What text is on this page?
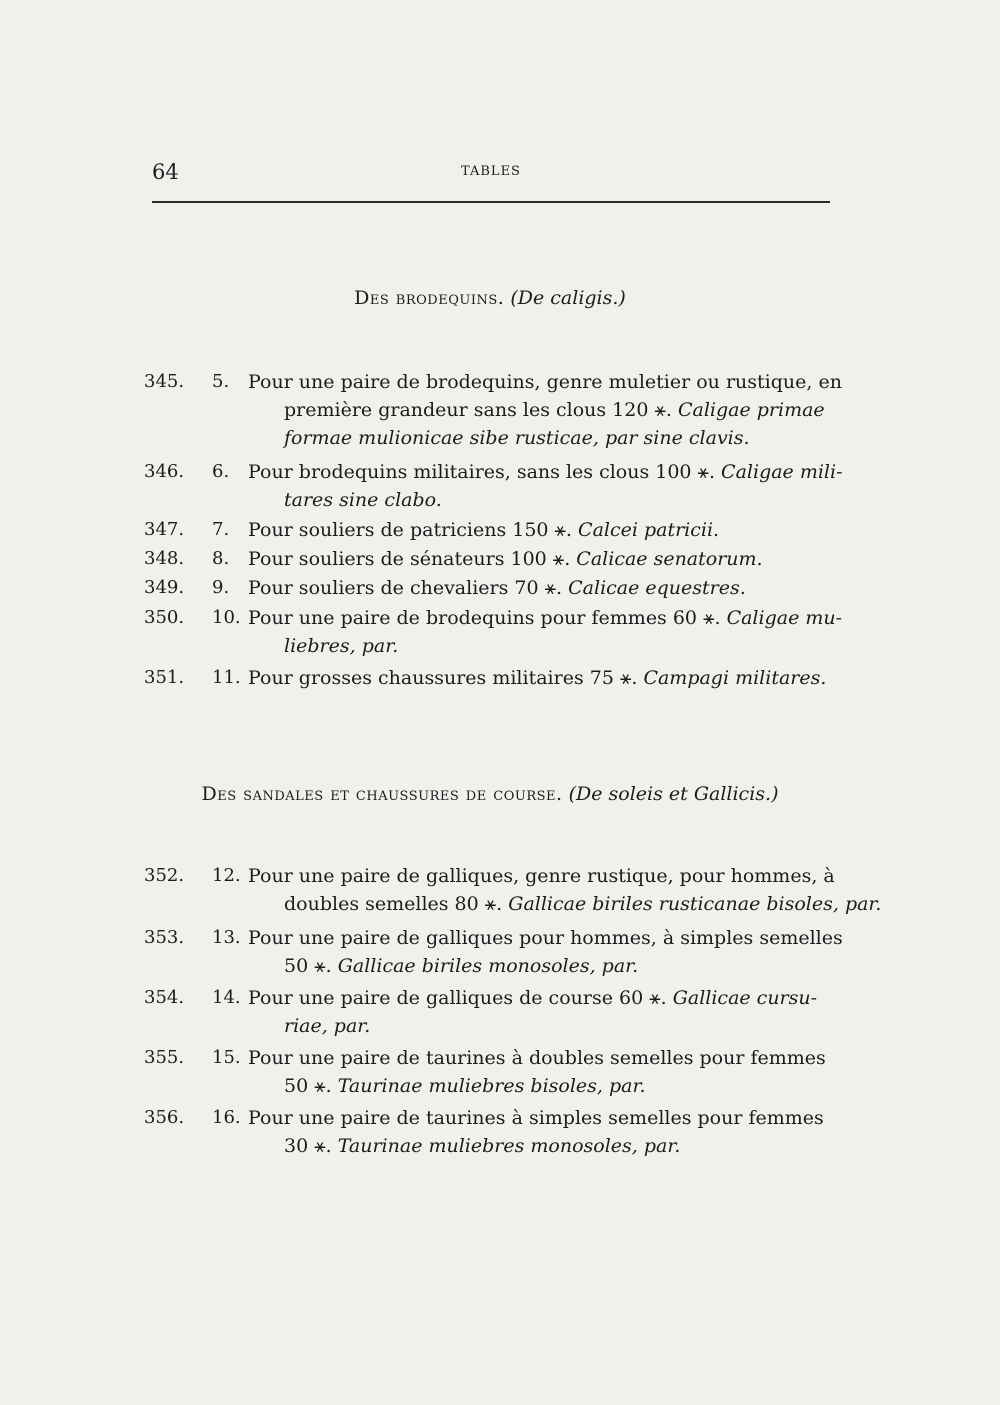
64	TABLES
Des brodequins. (De caligis.)
345.	5. Pour une paire de brodequins, genre muletier ou rustique, en
première grandeur sans les clous 120 ⚹. Caligae primae
formae mulionicae sibe rusticae, par sine clavis.
346.	6. Pour brodequins militaires, sans les clous 100 ⚹. Caligae mili-
tares sine clabo.
347.	7. Pour souliers de patriciens 150 ⚹. Calcei patricii.
348.	8. Pour souliers de sénateurs 100 ⚹. Calicae senatorum.
349.	9. Pour souliers de chevaliers 70 ⚹. Calicae equestres.
350.	10. Pour une paire de brodequins pour femmes 60 ⚹. Caligae mu-
liebres, par.
351.	11. Pour grosses chaussures militaires 75 ⚹. Campagi militares.
Des sandales et chaussures de course. (De soleis et Gallicis.)
352.	12. Pour une paire de galliques, genre rustique, pour hommes, à
doubles semelles 80 ⚹. Gallicae biriles rusticanae bisoles, par.
353.	13. Pour une paire de galliques pour hommes, à simples semelles
50 ⚹. Gallicae biriles monosoles, par.
354.	14. Pour une paire de galliques de course 60 ⚹. Gallicae cursu-
riae, par.
355.	15. Pour une paire de taurines à doubles semelles pour femmes
50 ⚹. Taurinae muliebres bisoles, par.
356.	16. Pour une paire de taurines à simples semelles pour femmes
30 ⚹. Taurinae muliebres monosoles, par.
